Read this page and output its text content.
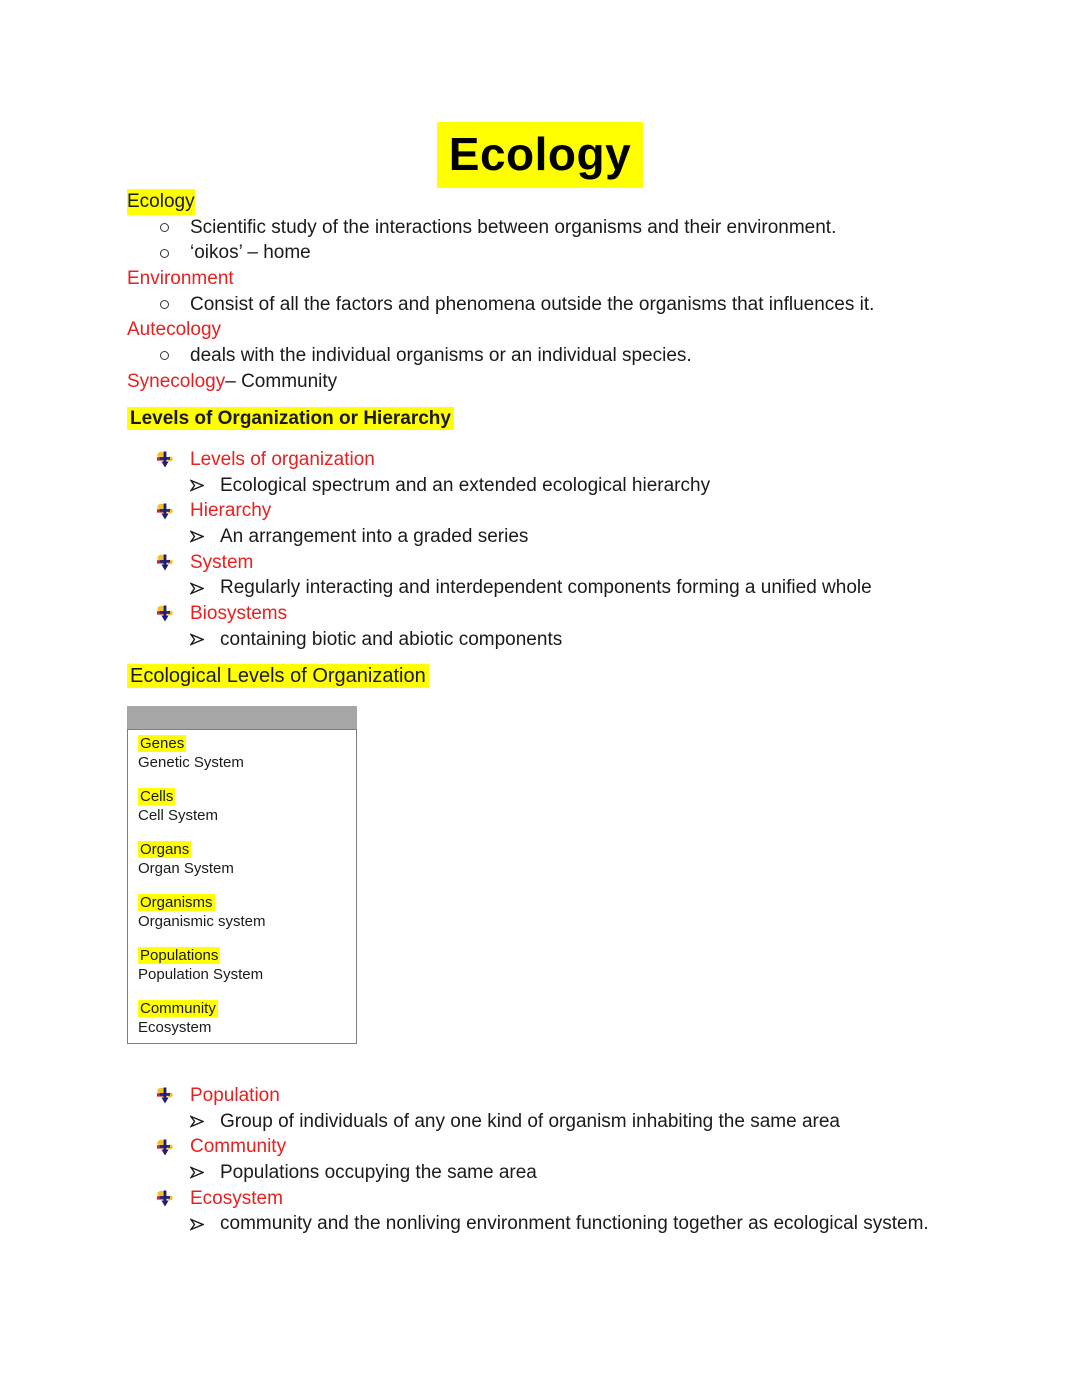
Ecology
Ecology
Scientific study of the interactions between organisms and their environment.
‘oikos’ – home
Environment
Consist of all the factors and phenomena outside the organisms that influences it.
Autecology
deals with the individual organisms or an individual species.
Synecology – Community
Levels of Organization or Hierarchy
Levels of organization
Ecological spectrum and an extended ecological hierarchy
Hierarchy
An arrangement into a graded series
System
Regularly interacting and interdependent components forming a unified whole
Biosystems
containing biotic and abiotic components
Ecological Levels of Organization
Genes
Genetic System
Cells
Cell System
Organs
Organ System
Organisms
Organismic system
Populations
Population System
Community
Ecosystem
Population
Group of individuals of any one kind of organism inhabiting the same area
Community
Populations occupying the same area
Ecosystem
community and the nonliving environment functioning together as ecological system.
